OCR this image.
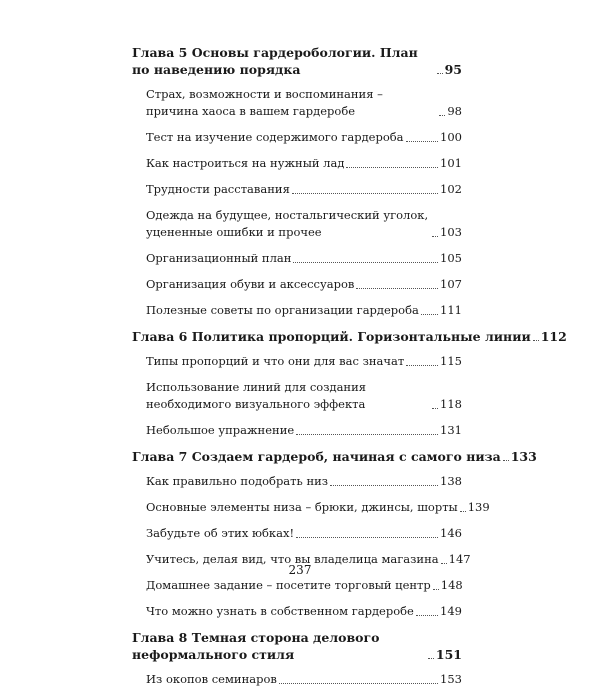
Глава 5 Основы гардеробологии. План по наведению порядка	95
Страх, возможности и воспоминания – причина хаоса в вашем гардеробе	98
Тест на изучение содержимого гардероба	100
Как настроиться на нужный лад	101
Трудности расставания	102
Одежда на будущее, ностальгический уголок, уцененные ошибки и прочее	103
Организационный план	105
Организация обуви и аксессуаров	107
Полезные советы по организации гардероба 111
Глава 6 Политика пропорций. Горизонтальные линии 112
Типы пропорций и что они для вас значат	115
Использование линий для создания необходимого визуального эффекта	118
Небольшое упражнение	131
Глава 7 Создаем гардероб, начиная с самого низа 133
Как правильно подобрать низ	138
Основные элементы низа – брюки, джинсы, шорты 139
Забудьте об этих юбках!	146
Учитесь, делая вид, что вы владелица магазина 147
Домашнее задание – посетите торговый центр 148
Что можно узнать в собственном гардеробе 149
Глава 8 Темная сторона делового неформального стиля	151
Из окопов семинаров	153
237
